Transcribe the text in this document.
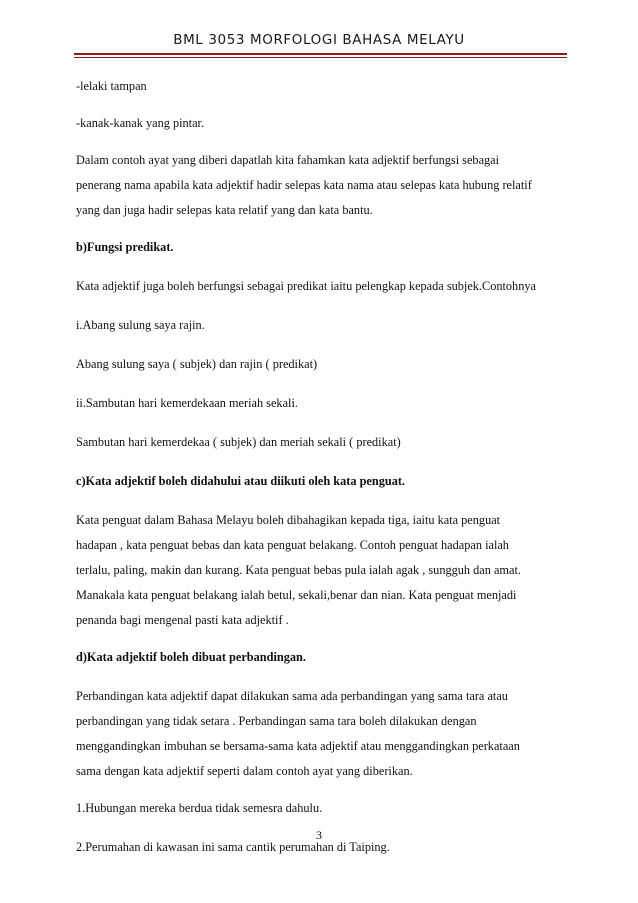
BML 3053 MORFOLOGI BAHASA MELAYU
-lelaki tampan
-kanak-kanak yang pintar.
Dalam contoh ayat yang diberi dapatlah kita fahamkan kata adjektif berfungsi sebagai
penerang nama apabila kata adjektif hadir selepas kata nama atau selepas kata hubung relatif
yang dan juga hadir selepas kata relatif yang dan kata bantu.
b)Fungsi predikat.
Kata adjektif juga boleh berfungsi sebagai predikat iaitu pelengkap kepada subjek.Contohnya
i.Abang sulung saya rajin.
Abang sulung saya ( subjek) dan rajin ( predikat)
ii.Sambutan hari kemerdekaan meriah sekali.
Sambutan hari kemerdekaa ( subjek) dan meriah sekali ( predikat)
c)Kata adjektif boleh didahului atau diikuti oleh kata penguat.
Kata penguat dalam Bahasa Melayu boleh dibahagikan kepada tiga, iaitu kata penguat
hadapan , kata penguat bebas dan kata penguat belakang. Contoh penguat hadapan ialah
terlalu, paling, makin dan kurang. Kata penguat bebas pula ialah agak , sungguh dan amat.
Manakala kata penguat belakang ialah betul, sekali,benar dan nian. Kata penguat menjadi
penanda bagi mengenal pasti kata adjektif .
d)Kata adjektif boleh dibuat perbandingan.
Perbandingan kata adjektif dapat dilakukan sama ada perbandingan yang sama tara atau
perbandingan yang tidak setara . Perbandingan sama tara boleh dilakukan dengan
menggandingkan imbuhan se bersama-sama kata adjektif atau menggandingkan perkataan
sama dengan kata adjektif seperti dalam contoh ayat yang diberikan.
1.Hubungan mereka berdua tidak semesra dahulu.
2.Perumahan di kawasan ini sama cantik perumahan di Taiping.
3
